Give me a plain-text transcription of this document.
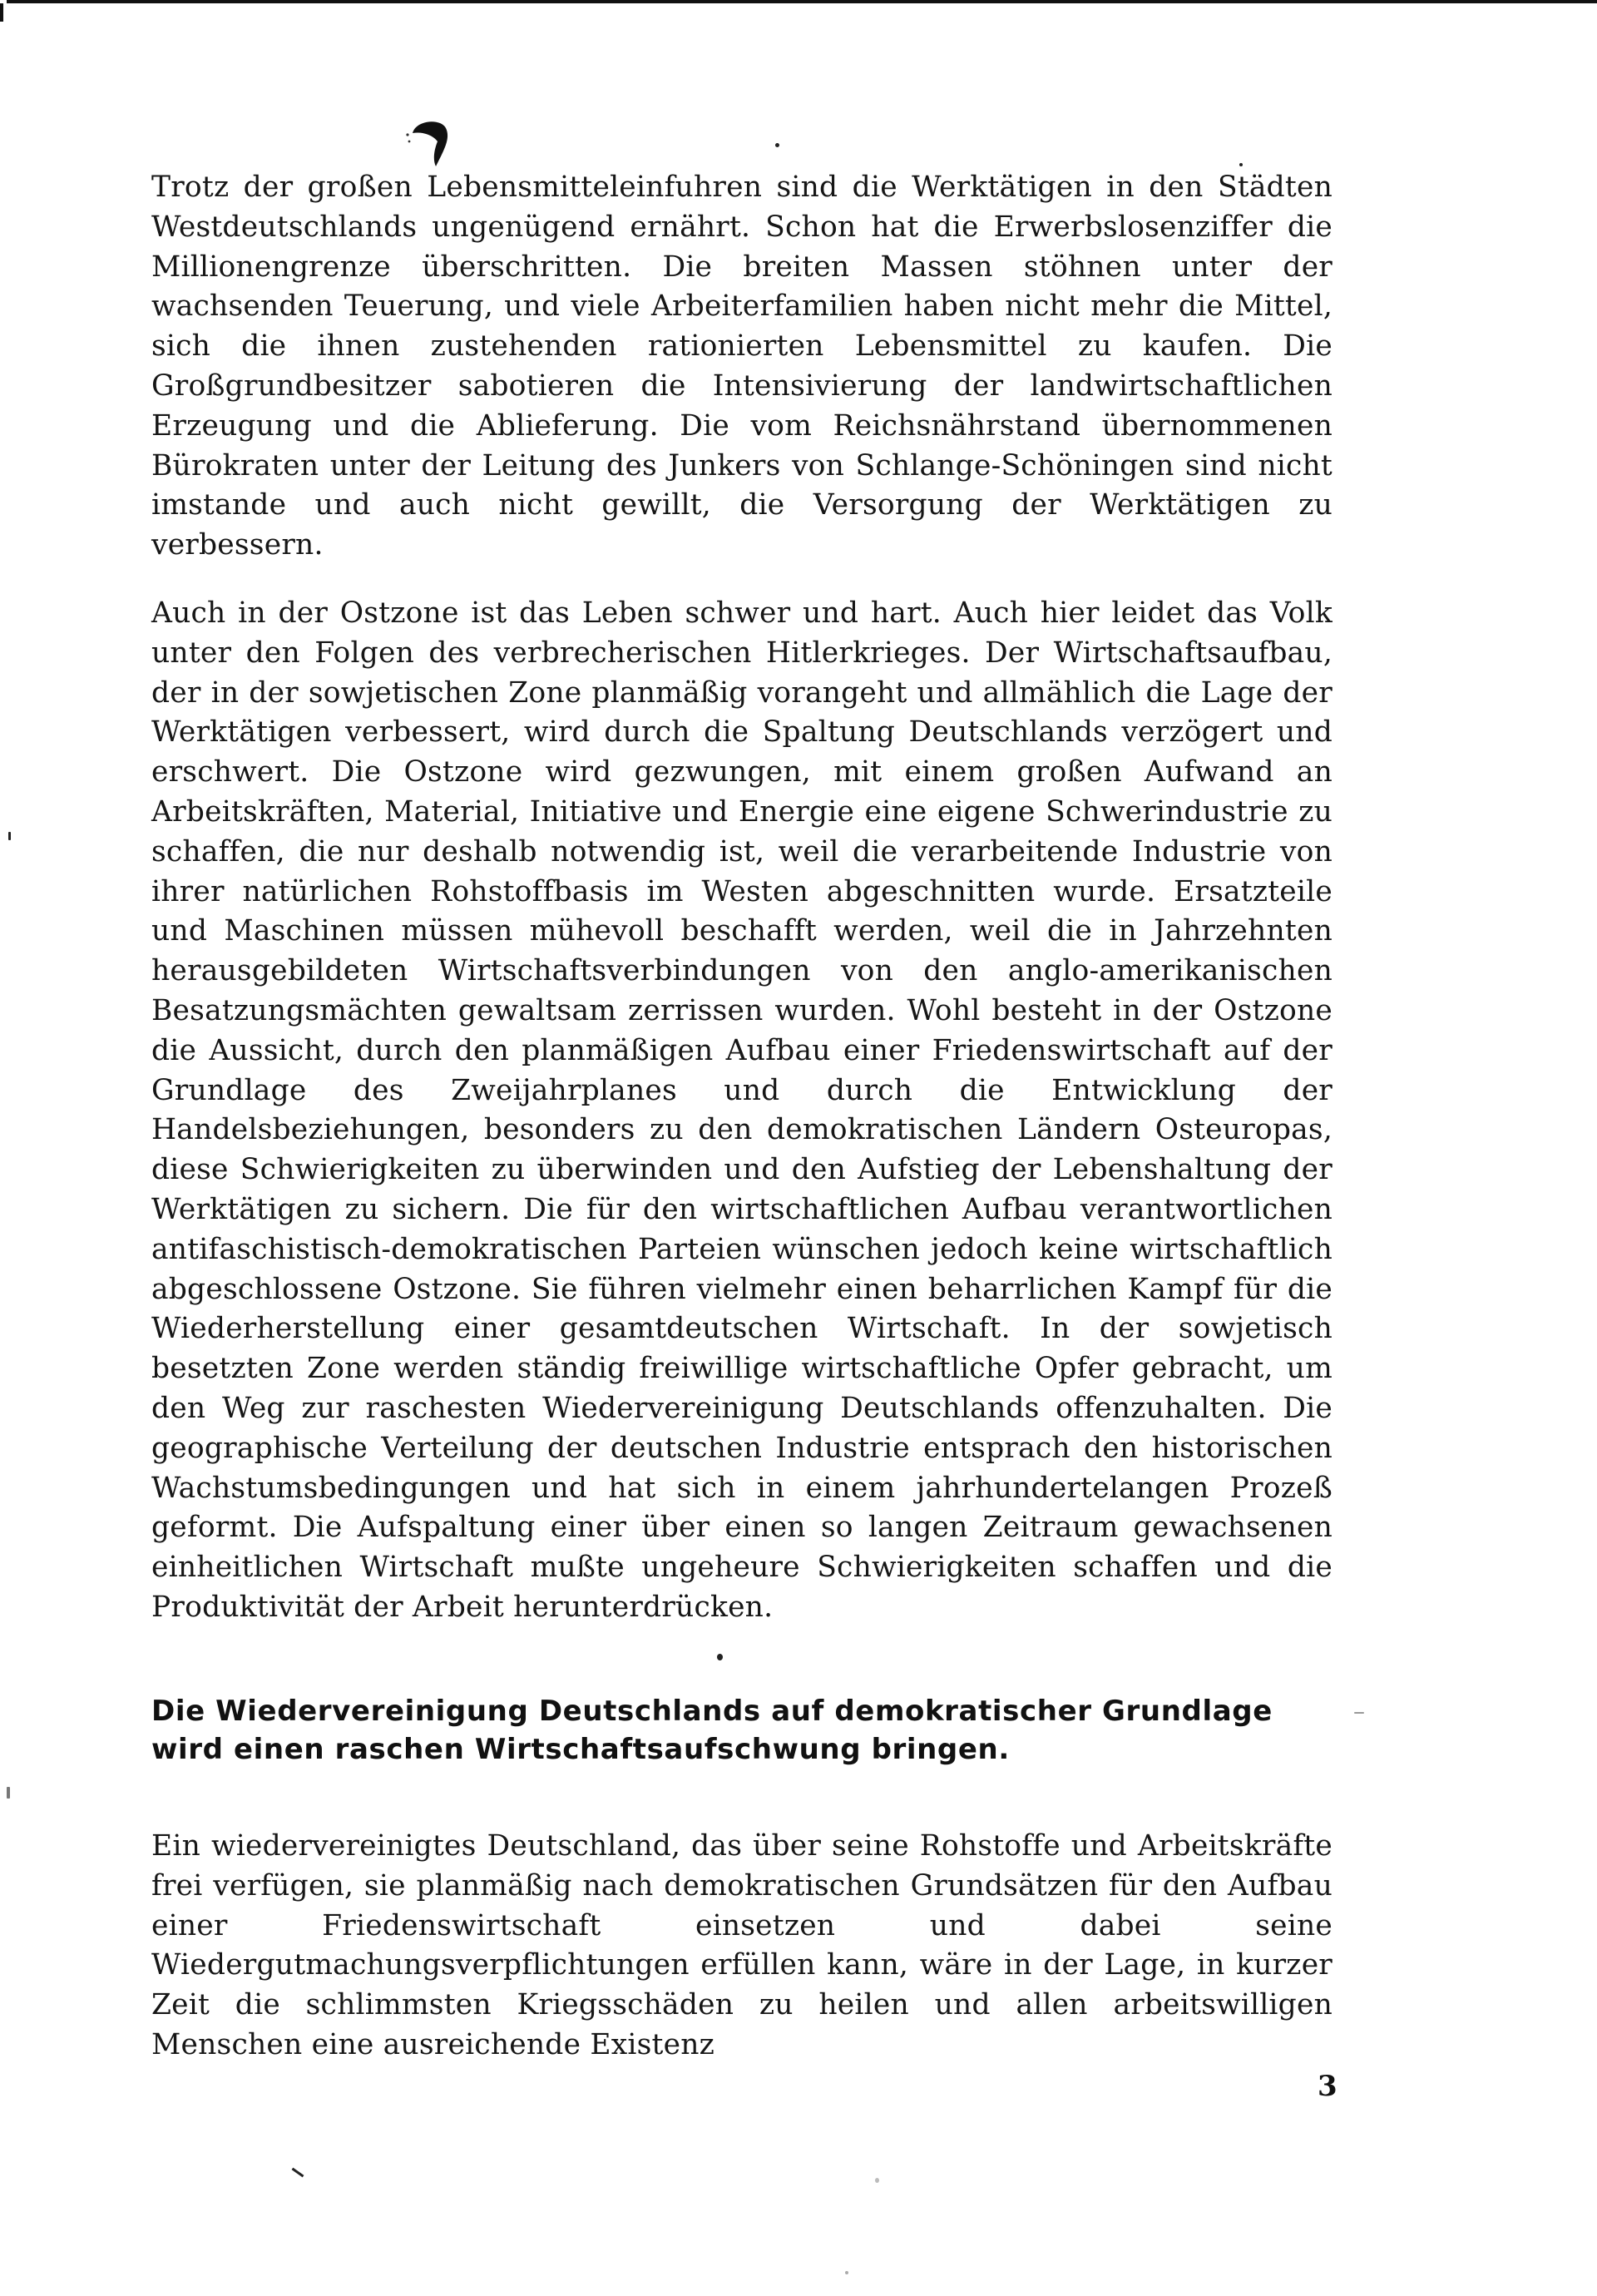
Trotz der großen Lebensmitteleinfuhren sind die Werktätigen in den Städten Westdeutschlands ungenügend ernährt. Schon hat die Erwerbslosenziffer die Millionengrenze überschritten. Die breiten Massen stöhnen unter der wachsenden Teuerung, und viele Arbeiterfamilien haben nicht mehr die Mittel, sich die ihnen zustehenden rationierten Lebensmittel zu kaufen. Die Großgrundbesitzer sabotieren die Intensivierung der landwirtschaftlichen Erzeugung und die Ablieferung. Die vom Reichsnährstand übernommenen Bürokraten unter der Leitung des Junkers von Schlange-Schöningen sind nicht imstande und auch nicht gewillt, die Versorgung der Werktätigen zu verbessern.

Auch in der Ostzone ist das Leben schwer und hart. Auch hier leidet das Volk unter den Folgen des verbrecherischen Hitlerkrieges. Der Wirtschaftsaufbau, der in der sowjetischen Zone planmäßig vorangeht und allmählich die Lage der Werktätigen verbessert, wird durch die Spaltung Deutschlands verzögert und erschwert. Die Ostzone wird gezwungen, mit einem großen Aufwand an Arbeitskräften, Material, Initiative und Energie eine eigene Schwerindustrie zu schaffen, die nur deshalb notwendig ist, weil die verarbeitende Industrie von ihrer natürlichen Rohstoffbasis im Westen abgeschnitten wurde. Ersatzteile und Maschinen müssen mühevoll beschafft werden, weil die in Jahrzehnten herausgebildeten Wirtschaftsverbindungen von den anglo-amerikanischen Besatzungsmächten gewaltsam zerrissen wurden. Wohl besteht in der Ostzone die Aussicht, durch den planmäßigen Aufbau einer Friedenswirtschaft auf der Grundlage des Zweijahrplanes und durch die Entwicklung der Handelsbeziehungen, besonders zu den demokratischen Ländern Osteuropas, diese Schwierigkeiten zu überwinden und den Aufstieg der Lebenshaltung der Werktätigen zu sichern. Die für den wirtschaftlichen Aufbau verantwortlichen antifaschistisch-demokratischen Parteien wünschen jedoch keine wirtschaftlich abgeschlossene Ostzone. Sie führen vielmehr einen beharrlichen Kampf für die Wiederherstellung einer gesamtdeutschen Wirtschaft. In der sowjetisch besetzten Zone werden ständig freiwillige wirtschaftliche Opfer gebracht, um den Weg zur raschesten Wiedervereinigung Deutschlands offenzuhalten. Die geographische Verteilung der deutschen Industrie entsprach den historischen Wachstumsbedingungen und hat sich in einem jahrhundertelangen Prozeß geformt. Die Aufspaltung einer über einen so langen Zeitraum gewachsenen einheitlichen Wirtschaft mußte ungeheure Schwierigkeiten schaffen und die Produktivität der Arbeit herunterdrücken.

Die Wiedervereinigung Deutschlands auf demokratischer Grundlage
wird einen raschen Wirtschaftsaufschwung bringen.

Ein wiedervereinigtes Deutschland, das über seine Rohstoffe und Arbeitskräfte frei verfügen, sie planmäßig nach demokratischen Grundsätzen für den Aufbau einer Friedenswirtschaft einsetzen und dabei seine Wiedergutmachungsverpflichtungen erfüllen kann, wäre in der Lage, in kurzer Zeit die schlimmsten Kriegsschäden zu heilen und allen arbeitswilligen Menschen eine ausreichende Existenz

3
